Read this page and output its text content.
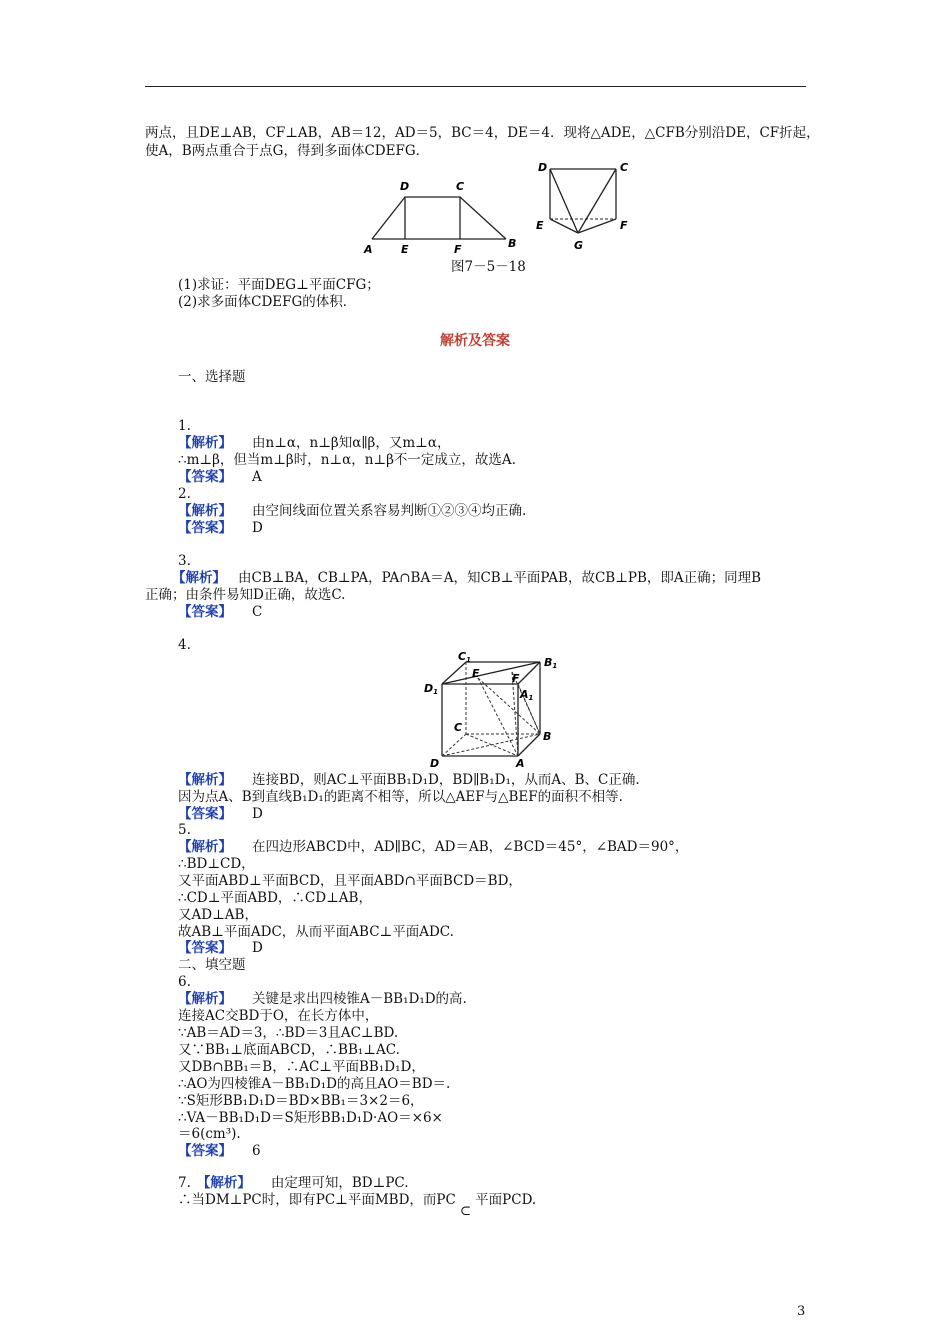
两点，且DE⊥AB，CF⊥AB，AB＝12，AD＝5，BC＝4，DE＝4．现将△ADE，△CFB分别沿DE，CF折起，
使A，B两点重合于点G，得到多面体CDEFG．
A	E	F	B
D	C
D	C
E	F
G
图7－5－18
(1)求证：平面DEG⊥平面CFG；
(2)求多面体CDEFG的体积．
解析及答案
一、选择题
1.
【解析】 由n⊥α，n⊥β知α∥β，又m⊥α，
∴m⊥β，但当m⊥β时，n⊥α，n⊥β不一定成立，故选A.
【答案】 A
2.
【解析】 由空间线面位置关系容易判断①②③④均正确.
【答案】 D
3.
【解析】 由CB⊥BA，CB⊥PA，PA∩BA＝A，知CB⊥平面PAB，故CB⊥PB，即A正确；同理B
正确；由条件易知D正确，故选C.
【答案】 C
4.
C1	B1
D1
E	F
A1
C
B
D	A
【解析】 连接BD，则AC⊥平面BB₁D₁D，BD∥B₁D₁，从而A、B、C正确.
因为点A、B到直线B₁D₁的距离不相等，所以△AEF与△BEF的面积不相等.
【答案】 D
5.
【解析】 在四边形ABCD中，AD∥BC，AD＝AB，∠BCD＝45°，∠BAD＝90°，
∴BD⊥CD，
又平面ABD⊥平面BCD，且平面ABD∩平面BCD＝BD，
∴CD⊥平面ABD，∴CD⊥AB，
又AD⊥AB，
故AB⊥平面ADC，从而平面ABC⊥平面ADC.
【答案】 D
二、填空题
6.
【解析】 关键是求出四棱锥A－BB₁D₁D的高.
连接AC交BD于O，在长方体中，
∵AB＝AD＝3，∴BD＝3且AC⊥BD.
又∵BB₁⊥底面ABCD，∴BB₁⊥AC.
又DB∩BB₁＝B，∴AC⊥平面BB₁D₁D，
∴AO为四棱锥A－BB₁D₁D的高且AO＝BD＝.
∵S矩形BB₁D₁D＝BD×BB₁＝3×2＝6，
∴VA－BB₁D₁D＝S矩形BB₁D₁D·AO＝×6×
＝6(cm³).
【答案】 6
7. 【解析】 由定理可知，BD⊥PC.
∴当DM⊥PC时，即有PC⊥平面MBD，而PC⊂平面PCD.
3
